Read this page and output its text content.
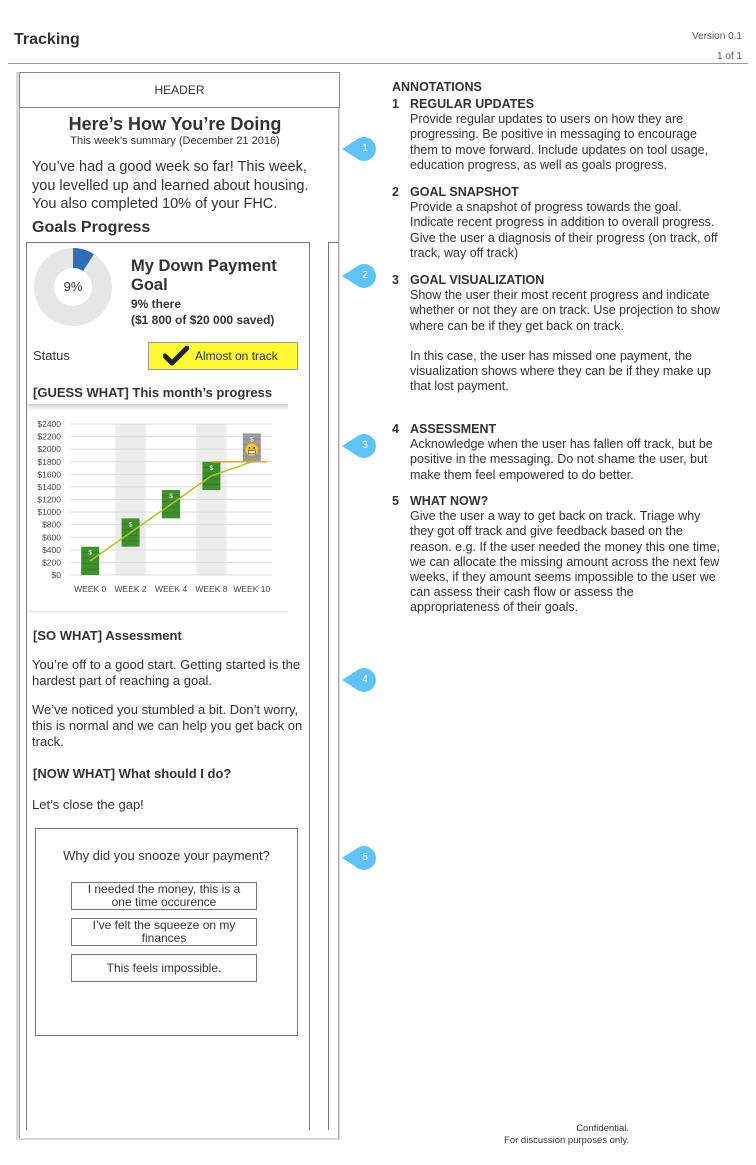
Tracking	Version 0.1
1 of 1
HEADER
Here’s How You’re Doing
This week’s summary (December 21 2016)
You’ve had a good week so far! This week, you levelled up and learned about housing. You also completed 10% of your FHC.
Goals Progress
9%
My Down Payment Goal
9% there
($1 800 of $20 000 saved)
Status	Almost on track
[GUESS WHAT] This month’s progress
$2400
$2200
$2000
$1800
$1600
$1400
$1200
$1000
$800
$600
$400
$200
$0
$
$
$
$
$
WEEK 0 WEEK 2 WEEK 4 WEEK 8 WEEK 10
[SO WHAT] Assessment
You’re off to a good start. Getting started is the hardest part of reaching a goal.
We’ve noticed you stumbled a bit. Don’t worry, this is normal and we can help you get back on track.
[NOW WHAT] What should I do?
Let’s close the gap!
Why did you snooze your payment?
I needed the money, this is a one time occurence
I’ve felt the squeeze on my finances
This feels impossible.
1
2
3
4
5
ANNOTATIONS
1 REGULAR UPDATES
Provide regular updates to users on how they are progressing. Be positive in messaging to encourage them to move forward. Include updates on tool usage, education progress, as well as goals progress.
2 GOAL SNAPSHOT
Provide a snapshot of progress towards the goal. Indicate recent progress in addition to overall progress. Give the user a diagnosis of their progress (on track, off track, way off track)
3 GOAL VISUALIZATION
Show the user their most recent progress and indicate whether or not they are on track. Use projection to show where can be if they get back on track.
In this case, the user has missed one payment, the visualization shows where they can be if they make up that lost payment.
4 ASSESSMENT
Acknowledge when the user has fallen off track, but be positive in the messaging. Do not shame the user, but make them feel empowered to do better.
5 WHAT NOW?
Give the user a way to get back on track. Triage why they got off track and give feedback based on the reason. e.g. If the user needed the money this one time, we can allocate the missing amount across the next few weeks, if they amount seems impossible to the user we can assess their cash flow or assess the appropriateness of their goals.
Confidential.
For discussion purposes only.
